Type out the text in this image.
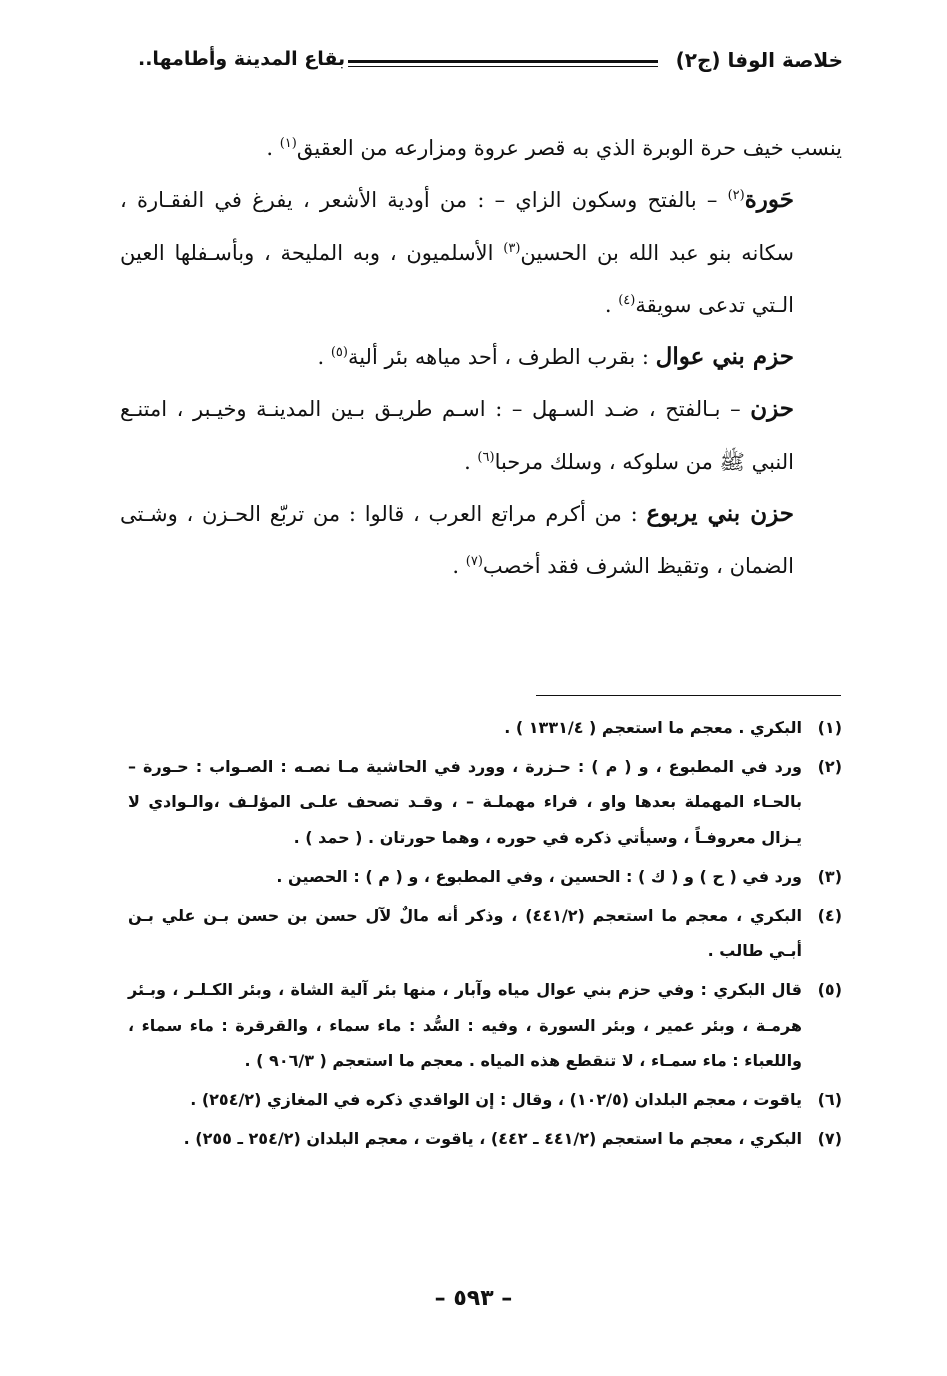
خلاصة الوفا (ج٢)
بقاع المدينة وأطامها..

ينسب خيف حرة الوبرة الذي به قصر عروة ومزارعه من العقيق$^{(١)}$ .

حَورة$^{(٢)}$ – بالفتح وسكون الزاي – : من أودية الأشعر ، يفرغ في الفقـارة ، سكانه بنو عبد الله بن الحسين$^{(٣)}$ الأسلميون ، وبه المليحة ، وبأسـفلها العين الـتي تدعى سويقة$^{(٤)}$ .

حزم بني عوال : بقرب الطرف ، أحد مياهه بئر ألية$^{(٥)}$ .

حزن – بـالفتح ، ضـد السـهل – : اسـم طريـق بـين المدينـة وخيـبر ، امتنـع النبي ﷺ من سلوكه ، وسلك مرحبا$^{(٦)}$ .

حزن بني يربوع : من أكرم مراتع العرب ، قالوا : من تربّع الحـزن ، وشـتى الضمان ، وتقيظ الشرف فقد أخصب$^{(٧)}$ .

(١)
البكري . معجم ما استعجم ( ١٣٣١/٤ ) .
(٢)
ورد في المطبوع ، و ( م ) : حـزرة ، وورد في الحاشية مـا نصـه : الصـواب : حـورة – بالحـاء المهملة بعدها واو ، فراء مهملـة – ، وقـد تصحف علـى المؤلـف ،والـوادي لا يـزال معروفـاً ، وسيأتي ذكره في حوره ، وهما حورتان . ( حمد ) .
(٣)
ورد في ( ح ) و ( ك ) : الحسين ، وفي المطبوع ، و ( م ) : الحصين .
(٤)
البكري ، معجم ما استعجم (٤٤١/٢) ، وذكر أنه مالٌ لآل حسن بن حسن بـن علي بـن أبـي طالب .
(٥)
قال البكري : وفي حزم بني عوال مياه وآبار ، منها بئر آلية الشاة ، وبئر الكـلـر ، وبـئر هرمـة ، وبئر عمير ، وبئر السورة ، وفيه : السُّد : ماء سماء ، والقرقرة : ماء سماء ، واللعباء : ماء سمـاء ، لا تنقطع هذه المياه . معجم ما استعجم ( ٩٠٦/٣ ) .
(٦)
ياقوت ، معجم البلدان (١٠٢/٥) ، وقال : إن الواقدي ذكره في المغازي (٢٥٤/٢) .
(٧)
البكري ، معجم ما استعجم (٤٤١/٢ ـ ٤٤٢) ، ياقوت ، معجم البلدان (٢٥٤/٢ ـ ٢٥٥) .
– ٥٩٣ –
